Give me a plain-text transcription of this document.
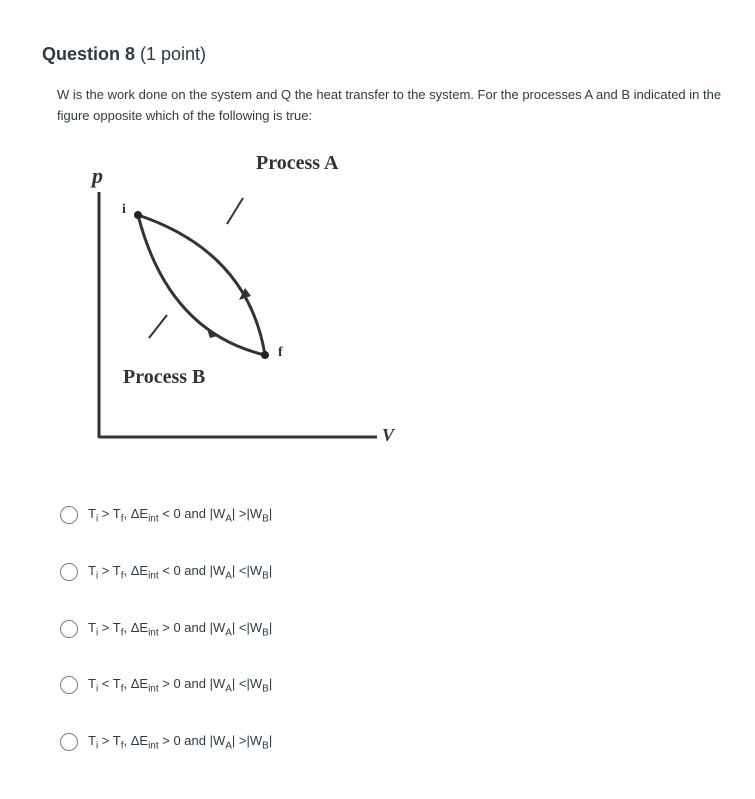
Question 8 (1 point)
W is the work done on the system and Q the heat transfer to the system. For the processes A and B indicated in the figure opposite which of the following is true:
p
V
i
f
Process A
Process B
$T_i > T_f$, $\Delta E_{int} < 0$ and $|W_A| >|W_B|$
$T_i > T_f$, $\Delta E_{int} < 0$ and $|W_A| <|W_B|$
$T_i > T_f$, $\Delta E_{int} > 0$ and $|W_A| <|W_B|$
$T_i < T_f$, $\Delta E_{int} > 0$ and $|W_A| <|W_B|$
$T_i > T_f$, $\Delta E_{int} > 0$ and $|W_A| >|W_B|$
